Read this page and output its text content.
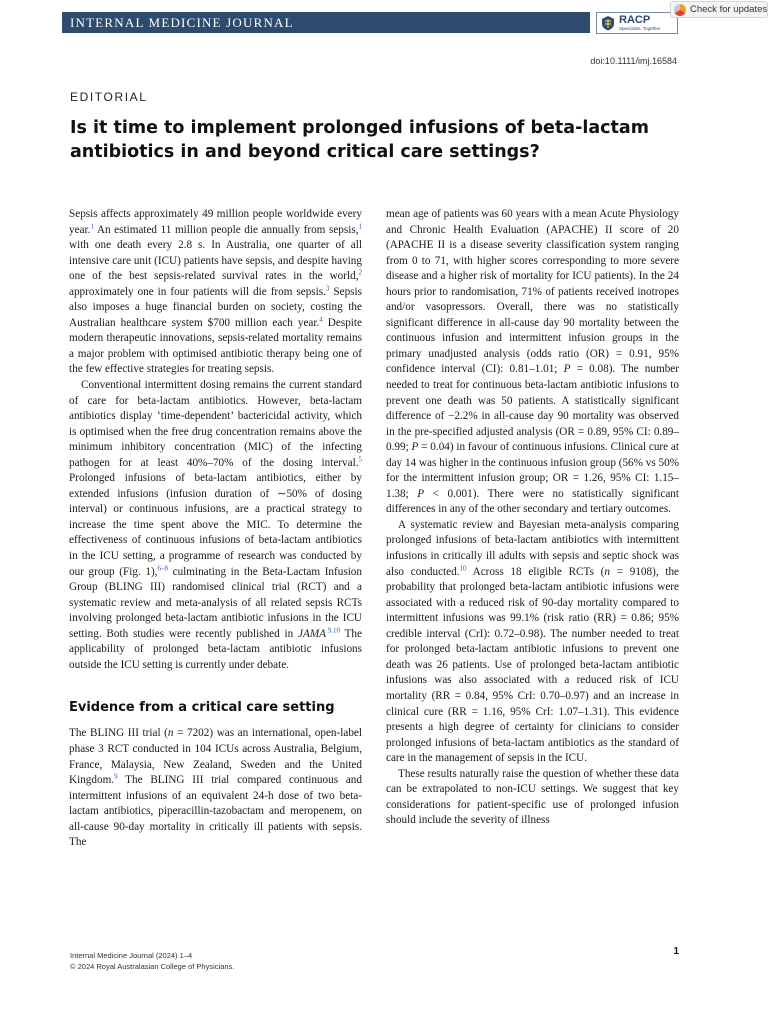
INTERNAL MEDICINE JOURNAL	RACP
Specialists. Together
Check for updates
doi:10.1111/imj.16584
EDITORIAL
Is it time to implement prolonged infusions of beta-lactam antibiotics in and beyond critical care settings?

Sepsis affects approximately 49 million people worldwide every year.$^1$ An estimated 11 million people die annually from sepsis,$^1$ with one death every 2.8 s. In Australia, one quarter of all intensive care unit (ICU) patients have sepsis, and despite having one of the best sepsis-related survival rates in the world,$^2$ approximately one in four patients will die from sepsis.$^3$ Sepsis also imposes a huge financial burden on society, costing the Australian healthcare system $700 million each year.$^4$ Despite modern therapeutic innovations, sepsis-related mortality remains a major problem with optimised antibiotic therapy being one of the few effective strategies for treating sepsis.

Conventional intermittent dosing remains the current standard of care for beta-lactam antibiotics. However, beta-lactam antibiotics display ‘time-dependent’ bactericidal activity, which is optimised when the free drug concentration remains above the minimum inhibitory concentration (MIC) of the infecting pathogen for at least 40%–70% of the dosing interval.$^5$ Prolonged infusions of beta-lactam antibiotics, either by extended infusions (infusion duration of ∼50% of dosing interval) or continuous infusions, are a practical strategy to increase the time spent above the MIC. To determine the effectiveness of continuous infusions of beta-lactam antibiotics in the ICU setting, a programme of research was conducted by our group (Fig. 1),$^{6-8}$ culminating in the Beta-Lactam Infusion Group (BLING III) randomised clinical trial (RCT) and a systematic review and meta-analysis of all related sepsis RCTs involving prolonged beta-lactam antibiotic infusions in the ICU setting. Both studies were recently published in $JAMA^{.9,10}$ The applicability of prolonged beta-lactam antibiotic infusions outside the ICU setting is currently under debate.

Evidence from a critical care setting

The BLING III trial (n = 7202) was an international, open-label phase 3 RCT conducted in 104 ICUs across Australia, Belgium, France, Malaysia, New Zealand, Sweden and the United Kingdom.$^9$ The BLING III trial compared continuous and intermittent infusions of an equivalent 24-h dose of two beta-lactam antibiotics, piperacillin-tazobactam and meropenem, on all-cause 90-day mortality in critically ill patients with sepsis. The

mean age of patients was 60 years with a mean Acute Physiology and Chronic Health Evaluation (APACHE) II score of 20 (APACHE II is a disease severity classification system ranging from 0 to 71, with higher scores corresponding to more severe disease and a higher risk of mortality for ICU patients). In the 24 hours prior to randomisation, 71% of patients received inotropes and/or vasopressors. Overall, there was no statistically significant difference in all-cause day 90 mortality between the continuous infusion and intermittent infusion groups in the primary unadjusted analysis (odds ratio (OR) = 0.91, 95% confidence interval (CI): 0.81–1.01; P = 0.08). The number needed to treat for continuous beta-lactam antibiotic infusions to prevent one death was 50 patients. A statistically significant difference of −2.2% in all-cause day 90 mortality was observed in the pre-specified adjusted analysis (OR = 0.89, 95% CI: 0.89–0.99; P = 0.04) in favour of continuous infusions. Clinical cure at day 14 was higher in the continuous infusion group (56% vs 50% for the intermittent infusion group; OR = 1.26, 95% CI: 1.15–1.38; P < 0.001). There were no statistically significant differences in any of the other secondary and tertiary outcomes.

A systematic review and Bayesian meta-analysis comparing prolonged infusions of beta-lactam antibiotics with intermittent infusions in critically ill adults with sepsis and septic shock was also conducted.$^{10}$ Across 18 eligible RCTs (n = 9108), the probability that prolonged beta-lactam antibiotic infusions were associated with a reduced risk of 90-day mortality compared to intermittent infusions was 99.1% (risk ratio (RR) = 0.86; 95% credible interval (CrI): 0.72–0.98). The number needed to treat for prolonged beta-lactam antibiotic infusions to prevent one death was 26 patients. Use of prolonged beta-lactam antibiotic infusions was also associated with a reduced risk of ICU mortality (RR = 0.84, 95% CrI: 0.70–0.97) and an increase in clinical cure (RR = 1.16, 95% CrI: 1.07–1.31). This evidence presents a high degree of certainty for clinicians to consider prolonged infusions of beta-lactam antibiotics as the standard of care in the management of sepsis in the ICU.

These results naturally raise the question of whether these data can be extrapolated to non-ICU settings. We suggest that key considerations for patient-specific use of prolonged infusion should include the severity of illness

Internal Medicine Journal (2024) 1–4
© 2024 Royal Australasian College of Physicians.
1
